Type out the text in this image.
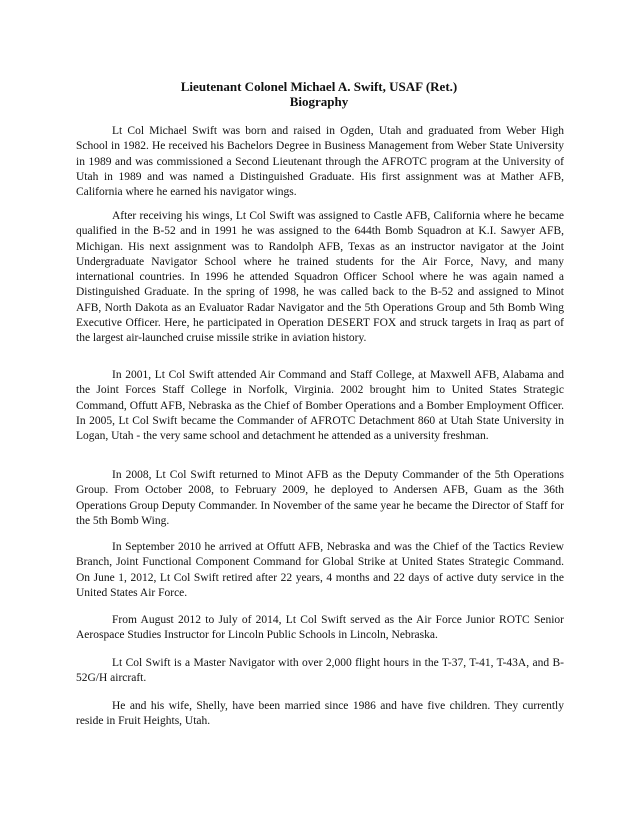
Lieutenant Colonel Michael A. Swift, USAF (Ret.)
Biography

Lt Col Michael Swift was born and raised in Ogden, Utah and graduated from Weber High School in 1982. He received his Bachelors Degree in Business Management from Weber State University in 1989 and was commissioned a Second Lieutenant through the AFROTC program at the University of Utah in 1989 and was named a Distinguished Graduate. His first assignment was at Mather AFB, California where he earned his navigator wings.

After receiving his wings, Lt Col Swift was assigned to Castle AFB, California where he became qualified in the B-52 and in 1991 he was assigned to the 644th Bomb Squadron at K.I. Sawyer AFB, Michigan. His next assignment was to Randolph AFB, Texas as an instructor navigator at the Joint Undergraduate Navigator School where he trained students for the Air Force, Navy, and many international countries. In 1996 he attended Squadron Officer School where he was again named a Distinguished Graduate. In the spring of 1998, he was called back to the B-52 and assigned to Minot AFB, North Dakota as an Evaluator Radar Navigator and the 5th Operations Group and 5th Bomb Wing Executive Officer. Here, he participated in Operation DESERT FOX and struck targets in Iraq as part of the largest air-launched cruise missile strike in aviation history.

In 2001, Lt Col Swift attended Air Command and Staff College, at Maxwell AFB, Alabama and the Joint Forces Staff College in Norfolk, Virginia. 2002 brought him to United States Strategic Command, Offutt AFB, Nebraska as the Chief of Bomber Operations and a Bomber Employment Officer. In 2005, Lt Col Swift became the Commander of AFROTC Detachment 860 at Utah State University in Logan, Utah - the very same school and detachment he attended as a university freshman.

In 2008, Lt Col Swift returned to Minot AFB as the Deputy Commander of the 5th Operations Group. From October 2008, to February 2009, he deployed to Andersen AFB, Guam as the 36th Operations Group Deputy Commander. In November of the same year he became the Director of Staff for the 5th Bomb Wing.

In September 2010 he arrived at Offutt AFB, Nebraska and was the Chief of the Tactics Review Branch, Joint Functional Component Command for Global Strike at United States Strategic Command. On June 1, 2012, Lt Col Swift retired after 22 years, 4 months and 22 days of active duty service in the United States Air Force.

From August 2012 to July of 2014, Lt Col Swift served as the Air Force Junior ROTC Senior Aerospace Studies Instructor for Lincoln Public Schools in Lincoln, Nebraska.

Lt Col Swift is a Master Navigator with over 2,000 flight hours in the T-37, T-41, T-43A, and B-52G/H aircraft.

He and his wife, Shelly, have been married since 1986 and have five children. They currently reside in Fruit Heights, Utah.
